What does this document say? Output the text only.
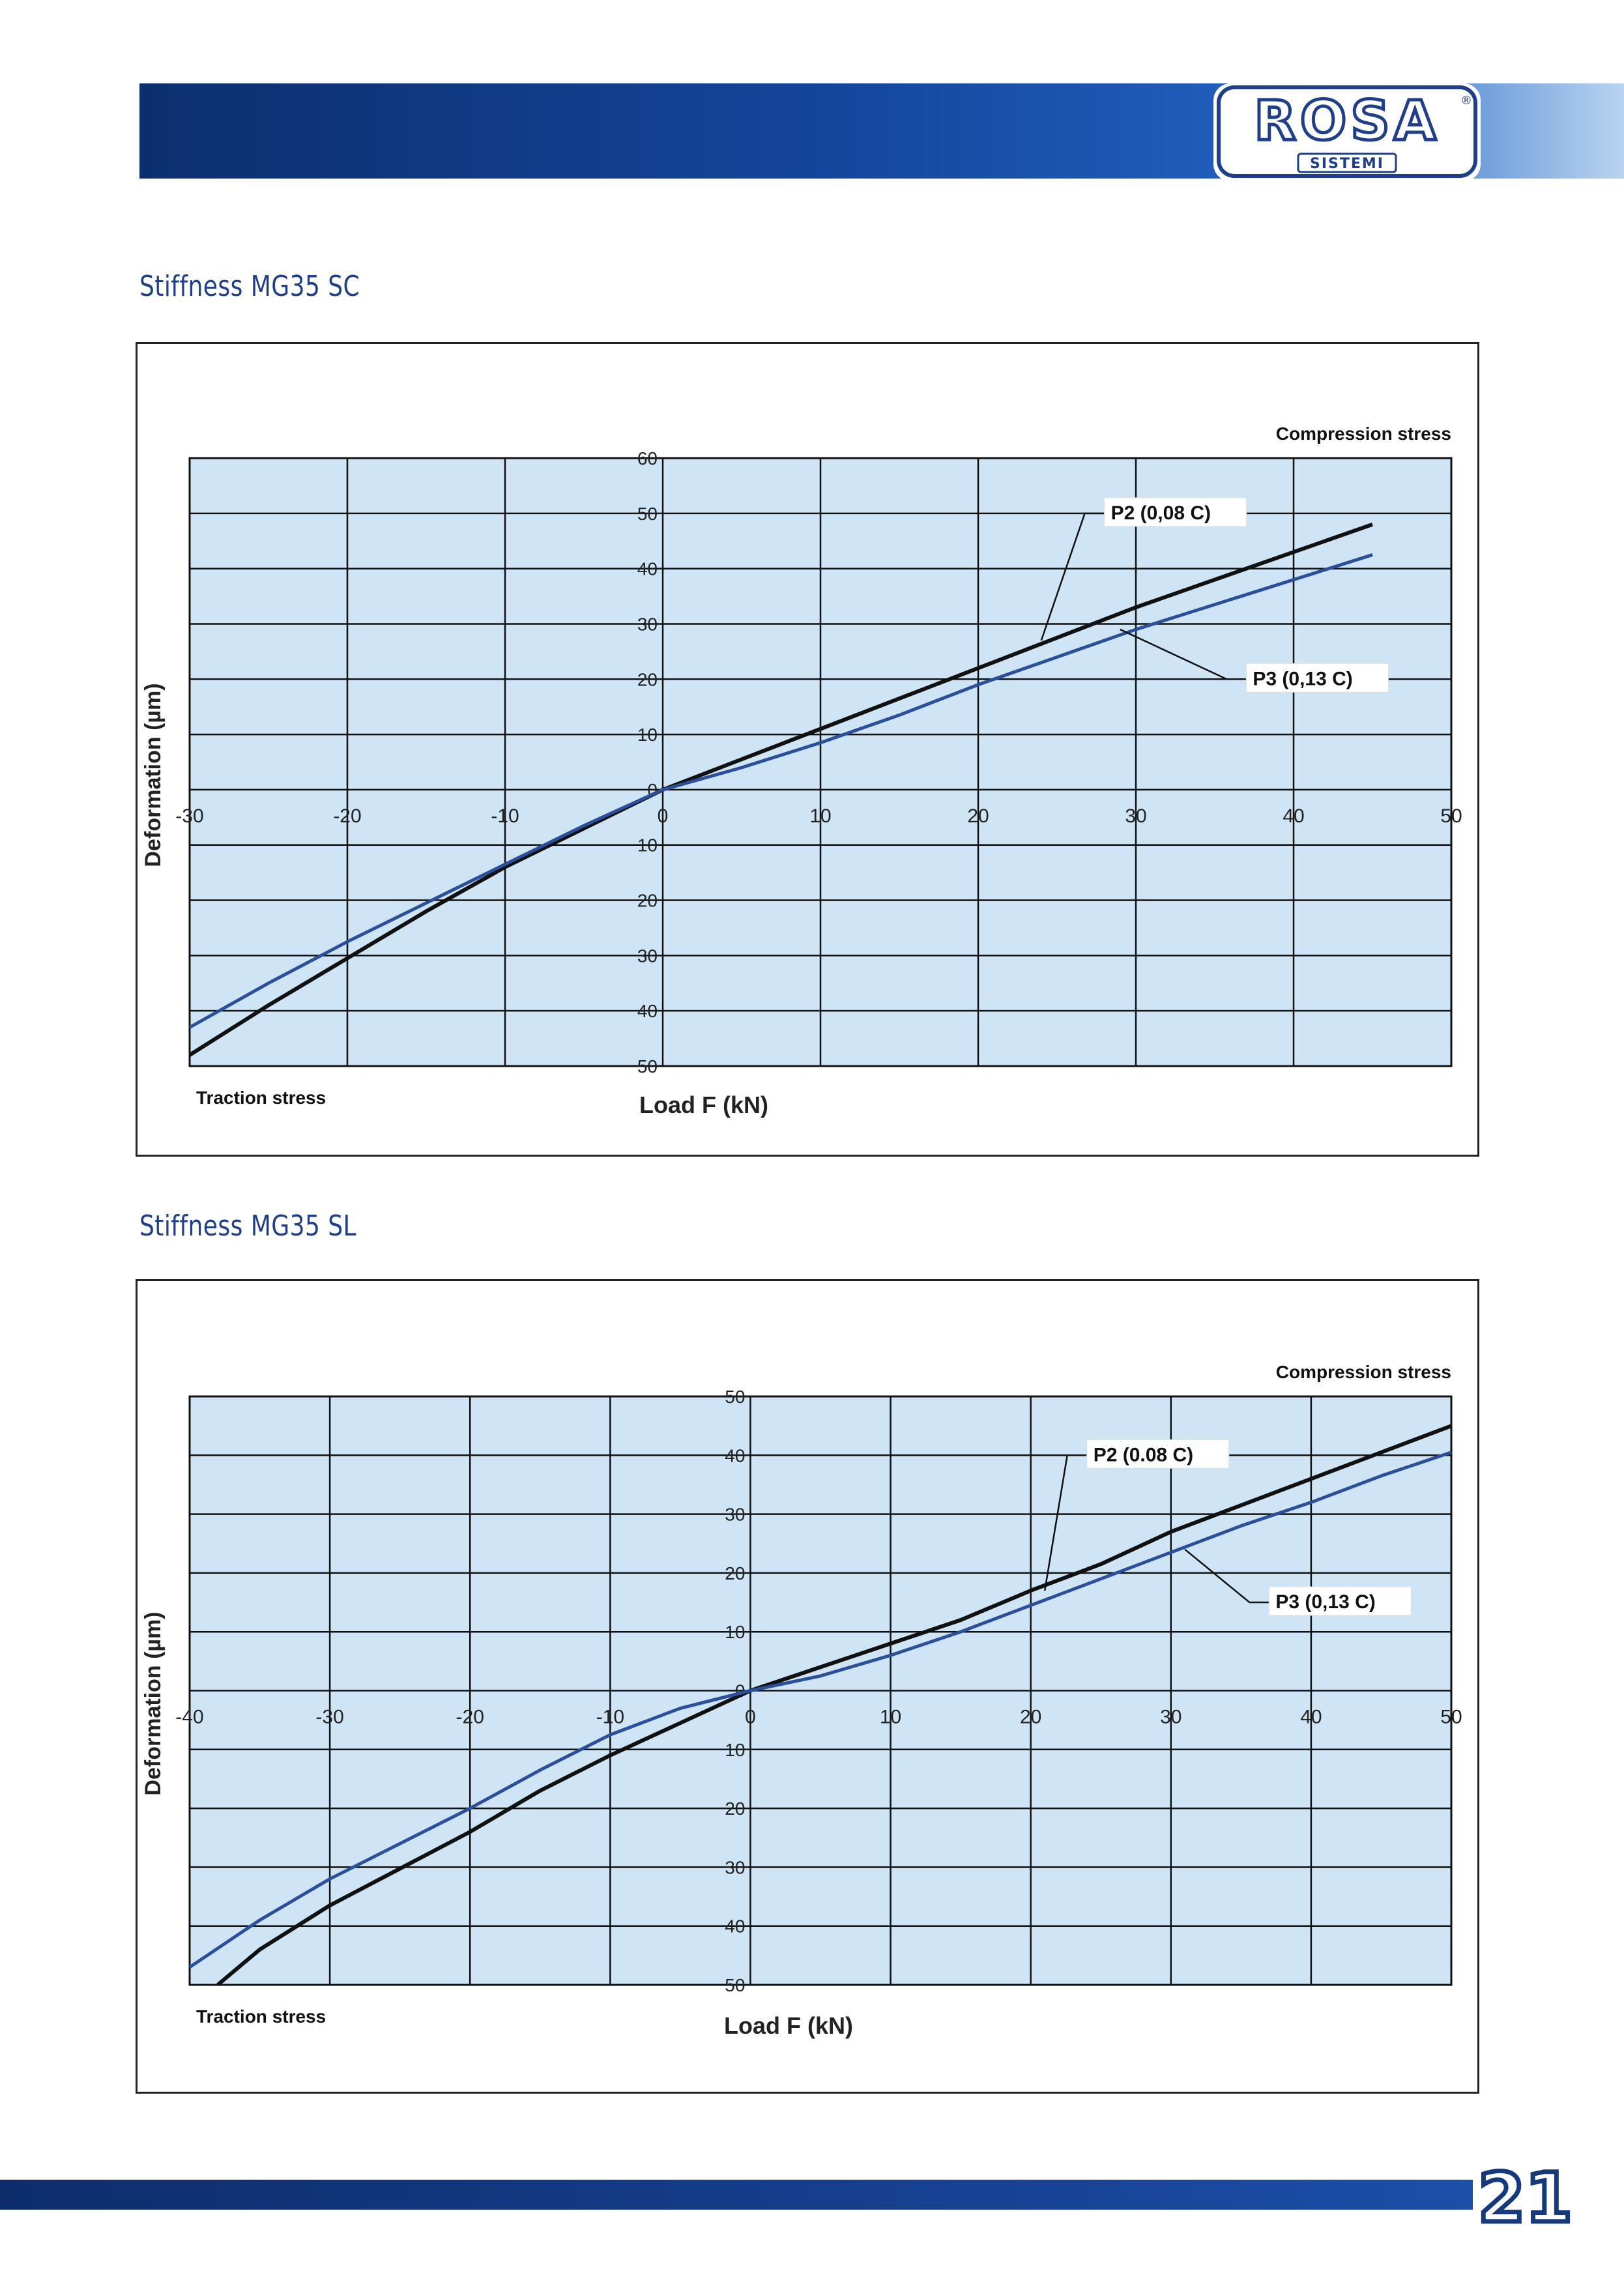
ROSA ®
SISTEMI
Stiffness MG35 SC
-30	-20	-10	0	10	20	30	40	50
60
50
40
30
20
10
0
10
20
30
40
50
P2 (0,08 C)
P3 (0,13 C)
Compression stress
Traction stress	Load F (kN)
Deformation (µm)
Stiffness MG35 SL
-40	-30	-20	-10	0	10	20	30	40	50
50
40
30
20
10
0
10
20
30
40
50
P2 (0.08 C)
P3 (0,13 C)
Compression stress
Traction stress	Load F (kN)
Deformation (µm)
21
